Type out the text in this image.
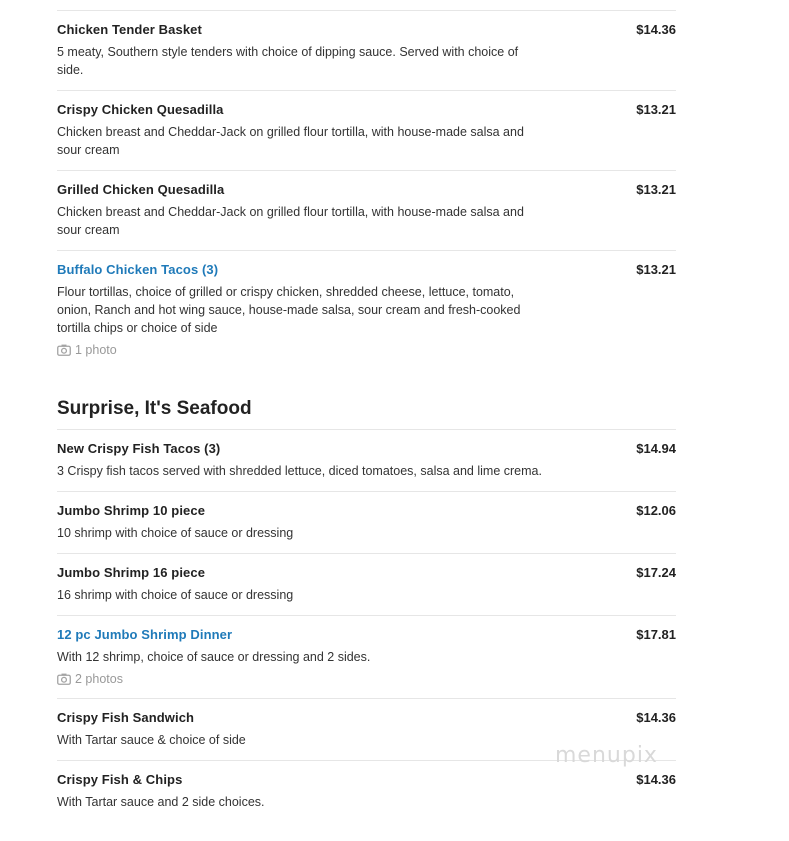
Chicken Tender Basket	$14.36
5 meaty, Southern style tenders with choice of dipping sauce. Served with choice of side.
Crispy Chicken Quesadilla	$13.21
Chicken breast and Cheddar-Jack on grilled flour tortilla, with house-made salsa and sour cream
Grilled Chicken Quesadilla	$13.21
Chicken breast and Cheddar-Jack on grilled flour tortilla, with house-made salsa and sour cream
Buffalo Chicken Tacos (3)	$13.21
Flour tortillas, choice of grilled or crispy chicken, shredded cheese, lettuce, tomato, onion, Ranch and hot wing sauce, house-made salsa, sour cream and fresh-cooked tortilla chips or choice of side
1 photo
Surprise, It's Seafood
New Crispy Fish Tacos (3)	$14.94
3 Crispy fish tacos served with shredded lettuce, diced tomatoes, salsa and lime crema.
Jumbo Shrimp 10 piece	$12.06
10 shrimp with choice of sauce or dressing
Jumbo Shrimp 16 piece	$17.24
16 shrimp with choice of sauce or dressing
12 pc Jumbo Shrimp Dinner	$17.81
With 12 shrimp, choice of sauce or dressing and 2 sides.
2 photos
Crispy Fish Sandwich	$14.36
With Tartar sauce & choice of side
Crispy Fish & Chips	$14.36
With Tartar sauce and 2 side choices.
menupix
